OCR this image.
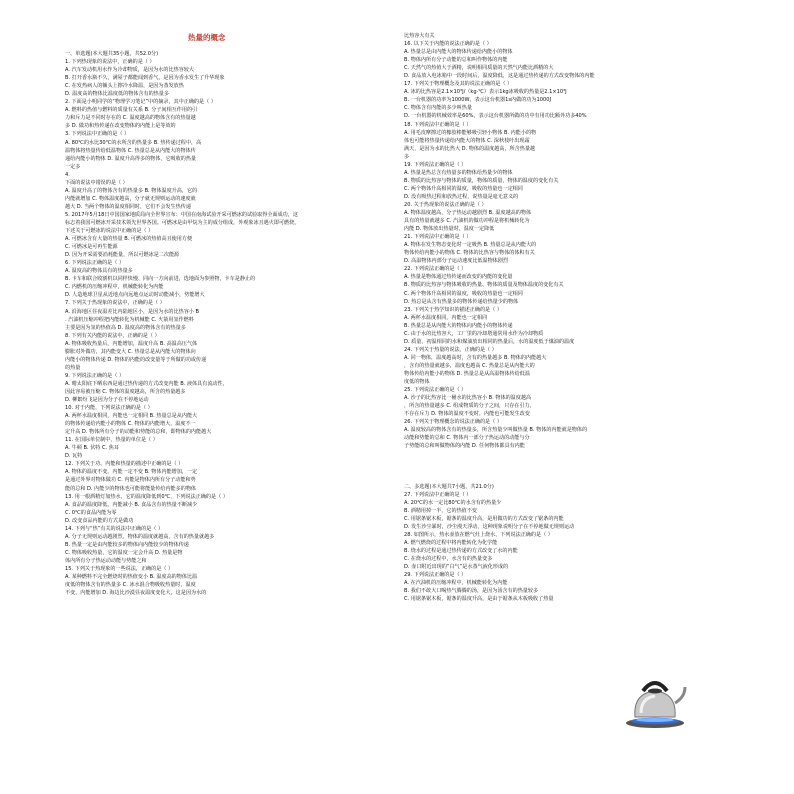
热量的概念
一、单选题(本大题共35小题，共52.0分)
1. 下列热现象的说法中，正确的是（ ）
A. 汽车发动机用水作为冷却物质，是因为水的比热容较大
B. 打开香水瓶不久，满屋子都能闻到香气，是因为香水发生了升华现象
C. 在发热病人的额头上擦冷水降温，是因为蒸发放热
D. 温度高的物体比温度低的物体含有的热量多
2. 下面是小明同学的“物理学习笔记”中的摘录，其中正确的是（ ）
A. 燃料的热值与燃料的质量有关系 B. 分子间相互作用的引
力和斥力是不同时存在的 C. 温度越高的物体含有的热量越
多 D. 做功和热传递在改变物体的内能上是等效的
3. 下列说法中正确的是（ ）
A. 80℃的水比30℃的水所含的热量多 B. 热传递过程中，高
温物体将热量传给低温物体 C. 热量总是从内能大的物体传
递给内能小的物体 D. 温度升高得多的物体，它吸收的热量
一定多
4.
下面的说法中错误的是（ ）
A. 温度升高了的物体含有的热量多 B. 物体温度升高，它的
内能就增加 C. 物体温度越高，分子就无规则运动的速度就
越大 D. 当两个物体的温度相同时，它们不会发生热传递
5. 2017年5月18日中国国家地质局向全世界宣布：中国在南海试验开采可燃冰的试验取得全面成功，这
标志着我国可燃冰开采技术领先世界各国。可燃冰是由甲烷为主的成分组成，外观象冰且遇火即可燃烧，
下述关于可燃冰的说法中正确的是（ ）
A. 可燃冰含有大量的热量 B. 可燃冰的热值高且使用方便
C. 可燃冰是可再生能源
D. 因为开采需要消耗能量，所以可燃冰是二次能源
6. 下列说法正确的是（ ）
A. 温度高的物体具有的热量多
B. 卡车和联合收割机以同样快慢、同向一方向前进，选地面为参照物，卡车是静止的
C. 内燃机的压缩冲程中，机械能转化为内能
D. 人造地球卫星从近地点向远地点运动时动能减小，势能增大
7. 下列关于热现象的说法中，正确的是（ ）
A. 沿海地区昼夜温差比内陆地区小，是因为水的比热容小 B
. 汽油机压缩冲程把内能转化为机械能 C. 火箭用氢作燃料
主要是因为氢的热值高 D. 温度高的物体含有的热量多
8. 下列有关内能的说法中，正确的是（ ）
A. 物体吸收热量后，内能增加，温度升高 B. 高温高压气体
膨胀对外做功，其内能变大 C. 热量总是从内能大的物体向
内能小的物体传递 D. 物体的内能的改变量等于所做的功或传递
的热量
9. 下列说法正确的是（ ）
A. 晴太阳底下晒东西是通过热传递的方式改变内能 B. 液体具有流动性，
因此容易被压缩 C. 物体的温度越高，所含的热量越多
D. 柳絮纷飞是因为分子在不停地运动
10. 对于内能，下列说法正确的是（ ）
A. 两杯水温度相同，内能也一定相同 B. 热量总是从内能大
的物体传递给内能小的物体 C. 物体的内能增大，温度不一
定升高 D. 物体所有分子的动能和势能的总和，即物体的内能越大
11. 在国际单位制中，热量的单位是（ ）
A. 牛顿 B. 伏特 C. 焦耳
D. 瓦特
12. 下列关于功、内能和热量的描述中正确的是（ ）
A. 物体的温度不变，内能一定不变 B. 物体内能增加，一定
是通过外界对物体做功 C. 内能是物体内所有分子动能和势
能的总和 D. 内能少的物体也可能将能量传给内能多的物体
13. 用一根酒精灯加热水，它的温度降低到0℃，下列说法正确的是（ ）
A. 食品的温度降低，内能减小 B. 食品含有的热量不断减少
C. 0℃的食品内能为零
D. 改变食品内能的方式是做功
14. 下列与“热”有关的说法中正确的是（ ）
A. 分子无规则运动越剧烈，物体的温度就越高，含有的热量就越多
B. 热量一定是由内能较多的物体向内能较少的物体传递
C. 物体吸收热量，它的温度一定会升高 D. 热量是物
体内所有分子热运动动能与势能之和
15. 下列关于热现象的一些说法，正确的是（ ）
A. 某种燃料不完全燃烧时的热值变小 B. 温度高的物体比温
度低的物体含有的热量多 C. 冰水混合物吸收热量时，温度
不变，内能增加 D. 海边比沙漠昼夜温度变化大，这是因为水的
比热容大有关
16. 以下关于内能的说法正确的是（ ）
A. 热量总是由内能大的物体传递给内能小的物体
B. 物体内所有分子动能的总和叫作物体的内能
C. 天然气的热值大于酒精，说明相同质量的天然气内能比酒精的大
D. 食品放入电冰箱中一段时间后，温度降低，这是通过热传递的方式改变物体的内能
17. 下列关于物理概念及其的说法正确的是（ ）
A. 冰的比热容是2.1×10³J/（kg·℃）表示1kg冰吸收的热量是2.1×10³J
B. 一台机器的功率为1000W，表示这台机器1s内做的功为1000J
C. 物体含有内能的多少叫热量
D. 一台机器的机械效率是60%，表示这台机器所做的功中有用功比额外功多40%
18. 下列说法中正确的是（ ）
A. 用毛皮摩擦过的橡胶棒能够吸引轻小物体 B. 内能小的物
体也可能将热量传递给内能大的物体 C. 深秋枝叶出现霜
满天，是因为水的比热大 D. 物体的温度越高，所含热量越
多
19. 下列说法正确的是（ ）
A. 热量是热总含有热量多的物体给热量少的物体
B. 物质的比热容与物体的质量，物体的质量，物体的温度的变化有关
C. 两个物体升高相同的温度，吸收的热量也一定相同
D. 没有吸热过程和放热过程，说热量是毫无意义的
20. 关于热现象的说法正确的是（ ）
A. 物体温度越高，分子热运动越剧烈 B. 温度越高的物体
具有的热量就越多 C. 汽油机的做功冲程是将机械转化为
内能 D. 物体放出热量时，温度一定降低
21. 下列说法中正确的是（ ）
A. 物体在发生物态变化时一定吸热 B. 热量总是从内能大的
物体传给内能小的物体 C. 物体的比热容与物体的体积有关
D. 高温物体内部分子运动速度比低温物体剧烈
22. 下列说法正确的是（ ）
A. 热量是物体通过热传递而改变的内能的变化量
B. 物质的比热容与物体吸收的热量、物体的质量及物体温度的变化有关
C. 两个物体升高相同的温度，吸收的热量也一定相同
D. 热总是从含有热量多的物体传递给热量少的物体
23. 下列关于热学知识的描述正确的是（ ）
A. 两杯水温度相同，内能也一定相同
B. 热量总是从内能大的物体向内能小的物体传递
C. 由于水的比热容大，工厂里的冷却塔通常用水作为冷却物质
D. 质量、初温相同的水和煤油放出相同的热量后，水的温度低于煤油的温度
24. 下列关于热量的说法，正确的是（ ）
A. 同一物体，温度越高时，含有的热量越多 B. 物体的内能越大
，含有的热量就越多，温度也越高 C. 热量总是从内能大的
物体传给内能小的物体 D. 热量总是从高温物体传给低温
度低的物体
25. 下列说法正确的是（ ）
A. 沙子的比热容比一桶水的比热容小 B. 物体的温度越高
，所含的热量越多 C. 组成物质的分子之间，只存在引力，
不存在斥力 D. 物体的温度不变时，内能也可能发生改变
26. 下列关于物理概念的说法正确的是（ ）
A. 温度较高的物体含有的热量多，所含热量少叫做热量 B. 物体的内能就是物体的
动能和势能的总和 C. 物体内一部分子热运动的动能与分
子势能的总和叫做物体的内能 D. 任何物体都具有内能
二、多选题(本大题共7小题，共21.0分)
27. 下列说法中正确的是（ ）
A. 20℃的水一定比80℃的水含有的热量少
B. 酒精用掉一半，它的热值不变
C. 用锯条锯木板，锯条的温度升高，是用做功的方式改变了锯条的内能
D. 发生沙尘暴时，沙尘漫天浮动，这种现象说明分子在不停地做无规则运动
28. 如图所示，热水壶放在燃气灶上烧水，下列说法正确的是（ ）
A. 燃气燃烧的过程中将内能转化为化学能
B. 烧水的过程是通过热传递的方式改变了水的内能
C. 在烧水的过程中，水含有的热量变多
D. 壶口附近出现的“白气”是水蒸气液化形成的
29. 下列说法正确的是（ ）
A. 在汽油机的压缩冲程中，机械能转化为内能
B. 我们不敢大口喝热气腾腾的汤，是因为汤含有的热量较多
C. 用锯条锯木板，锯条的温度升高，是由于锯条从木板吸收了热量
